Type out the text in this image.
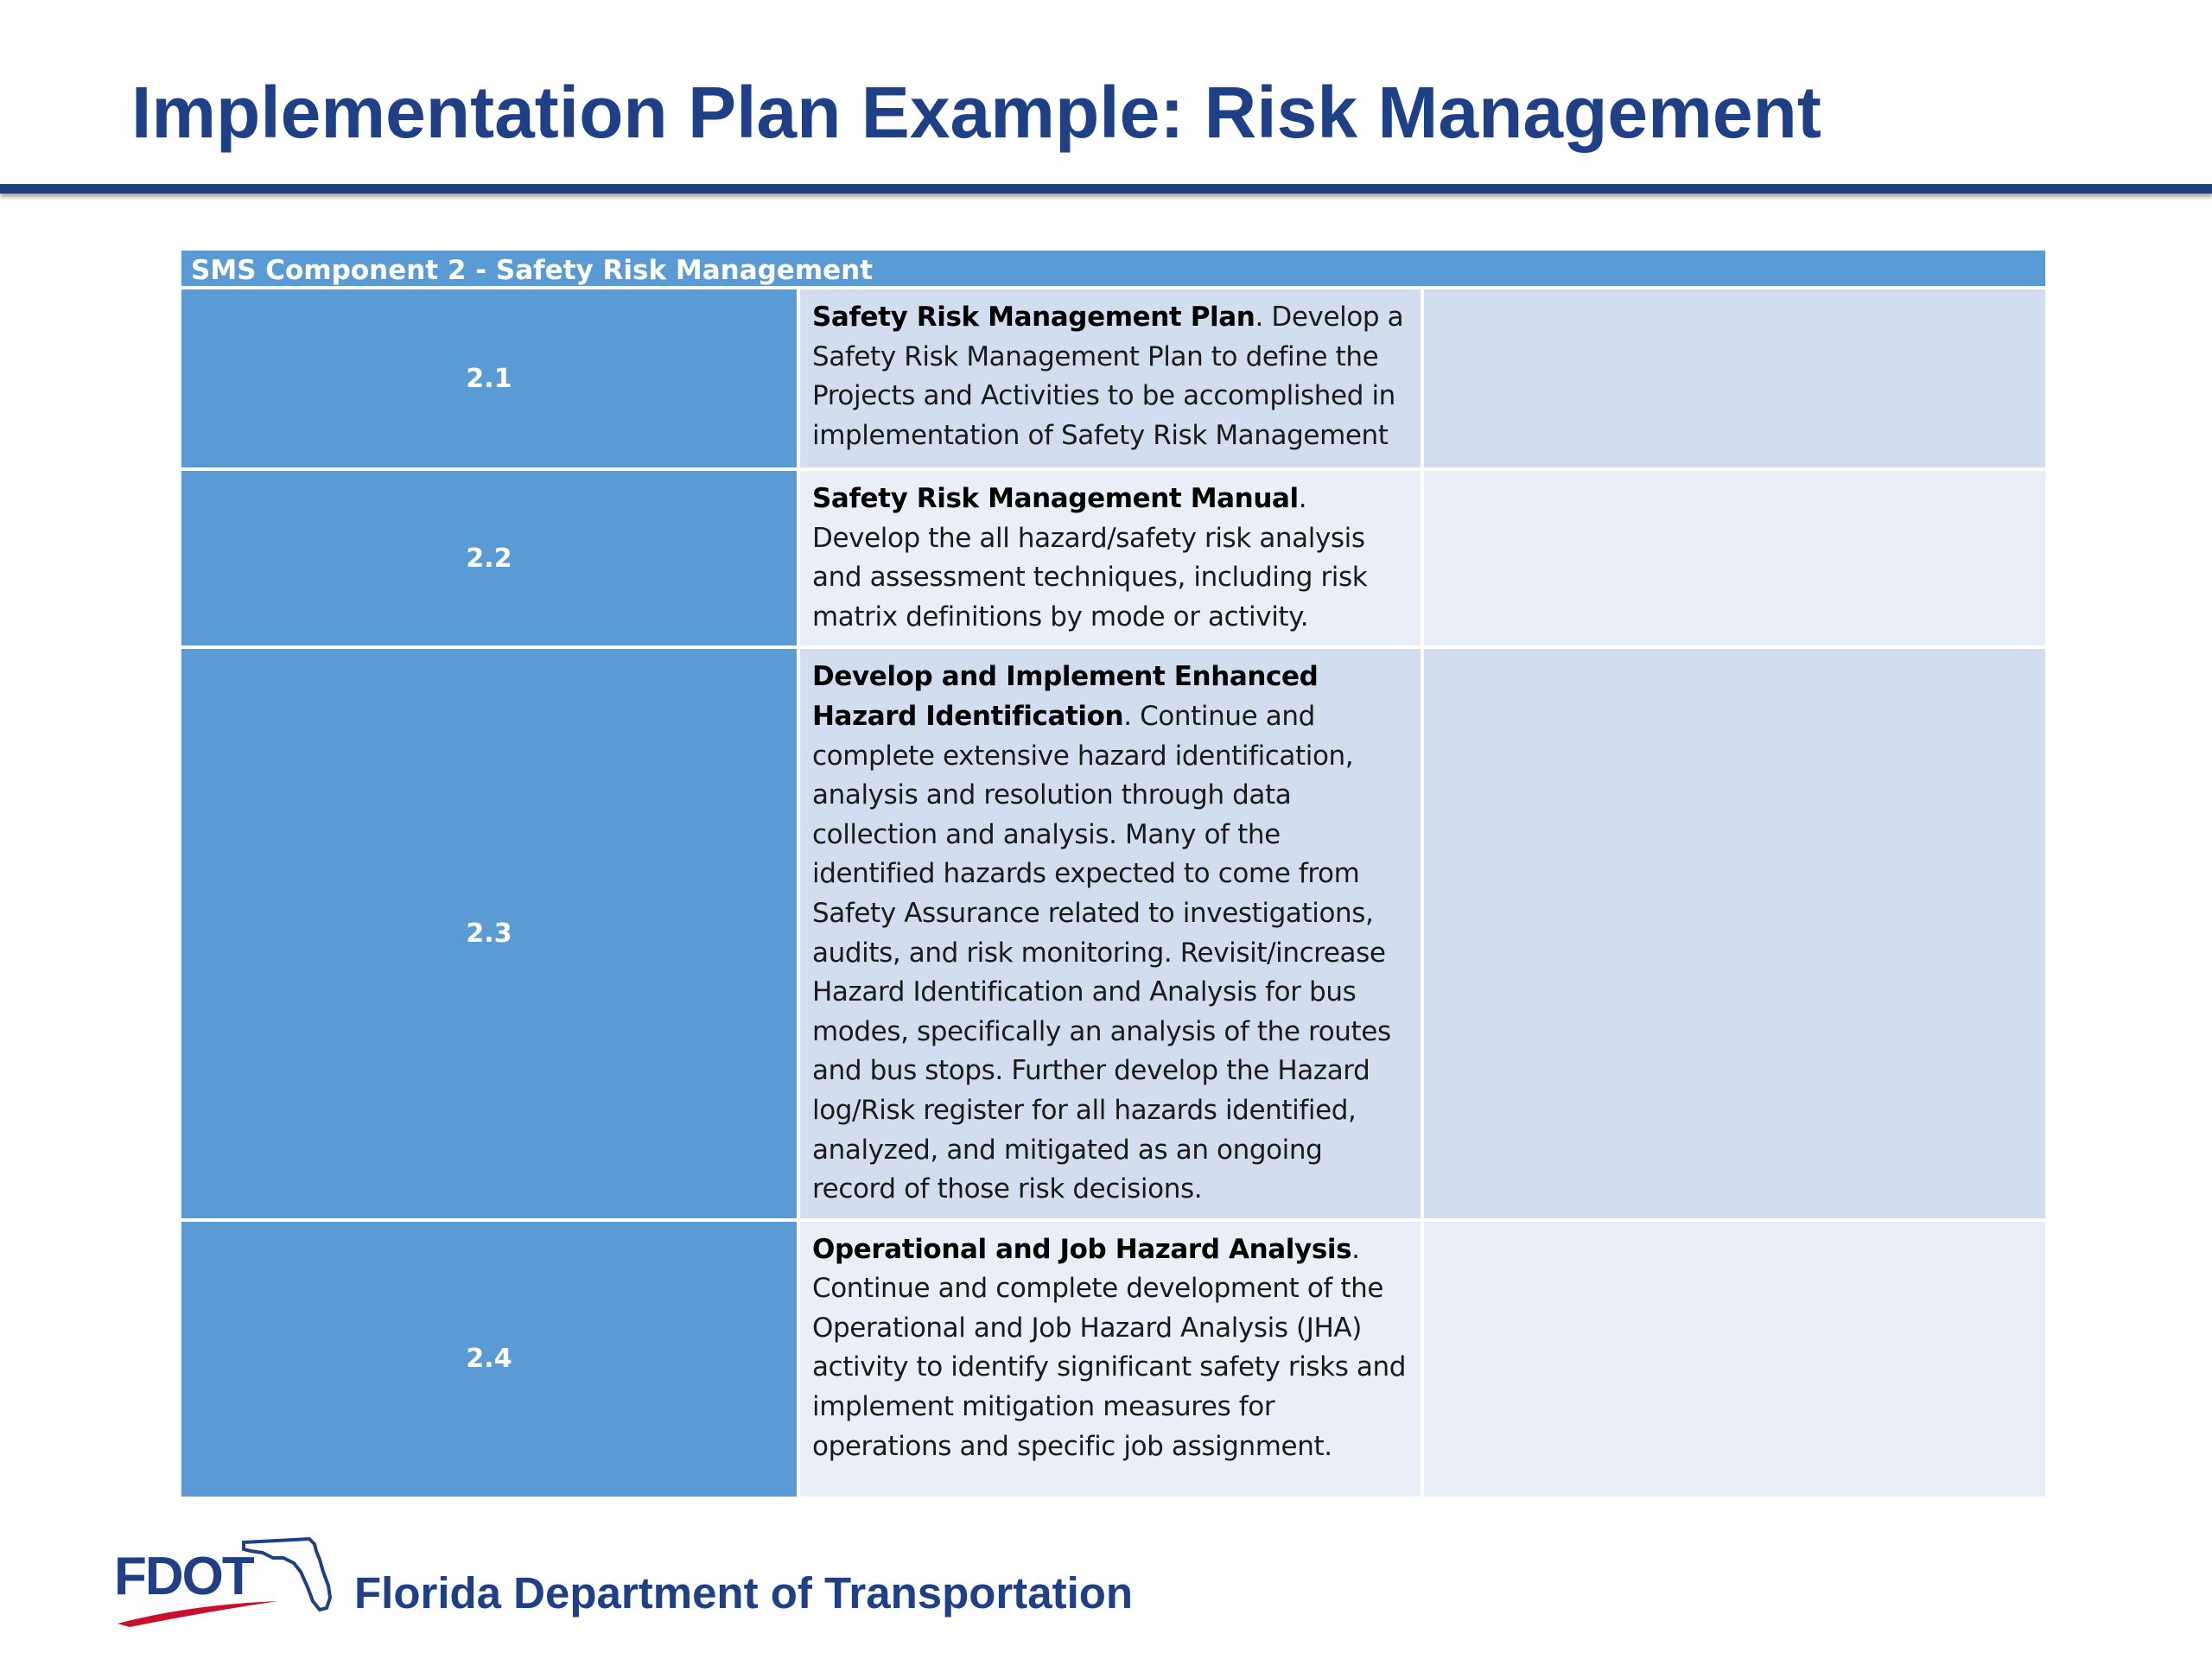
Implementation Plan Example: Risk Management
SMS Component 2 - Safety Risk Management		
2.1	Safety Risk Management Plan. Develop a Safety Risk Management Plan to define the Projects and Activities to be accomplished in implementation of Safety Risk Management	
2.2	Safety Risk Management Manual. Develop the all hazard/safety risk analysis and assessment techniques, including risk matrix definitions by mode or activity.	
2.3	Develop and Implement Enhanced Hazard Identification. Continue and complete extensive hazard identification, analysis and resolution through data collection and analysis. Many of the identified hazards expected to come from Safety Assurance related to investigations, audits, and risk monitoring. Revisit/increase Hazard Identification and Analysis for bus modes, specifically an analysis of the routes and bus stops. Further develop the Hazard log/Risk register for all hazards identified, analyzed, and mitigated as an ongoing record of those risk decisions.	
2.4	Operational and Job Hazard Analysis. Continue and complete development of the Operational and Job Hazard Analysis (JHA) activity to identify significant safety risks and implement mitigation measures for operations and specific job assignment.	
FDOT Florida Department of Transportation
